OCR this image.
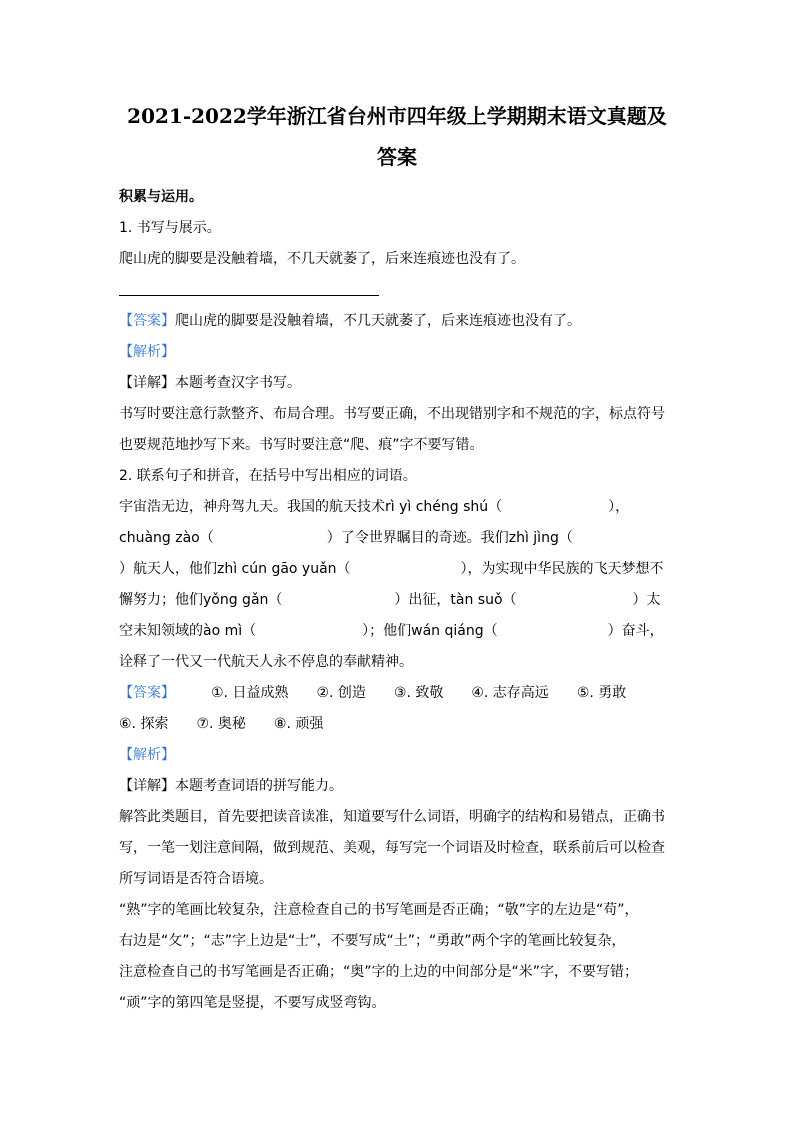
2021-2022学年浙江省台州市四年级上学期期末语文真题及
答案

积累与运用。

1. 书写与展示。

爬山虎的脚要是没触着墙，不几天就萎了，后来连痕迹也没有了。

【答案】爬山虎的脚要是没触着墙，不几天就萎了，后来连痕迹也没有了。

【解析】

【详解】本题考查汉字书写。

书写时要注意行款整齐、布局合理。书写要正确，不出现错别字和不规范的字，标点符号

也要规范地抄写下来。书写时要注意“爬、痕”字不要写错。

2. 联系句子和拼音，在括号中写出相应的词语。

宇宙浩无边，神舟驾九天。我国的航天技术rì yì chéng shú（	），

chuàng zào（	）了令世界瞩目的奇迹。我们zhì jìng（

）航天人，他们zhì cún gāo yuǎn（	），为实现中华民族的飞天梦想不

懈努力；他们yǒng gǎn（	）出征，tàn suǒ（	）太

空未知领域的ào mì（	）；他们wán qiáng（	）奋斗，

诠释了一代又一代航天人永不停息的奉献精神。

【答案】	①. 日益成熟 ②. 创造 ③. 致敬 ④. 志存高远 ⑤. 勇敢

⑥. 探索 ⑦. 奥秘 ⑧. 顽强

【解析】

【详解】本题考查词语的拼写能力。

解答此类题目，首先要把读音读准，知道要写什么词语，明确字的结构和易错点，正确书

写，一笔一划注意间隔，做到规范、美观，每写完一个词语及时检查，联系前后可以检查

所写词语是否符合语境。

“熟”字的笔画比较复杂，注意检查自己的书写笔画是否正确；“敬”字的左边是“苟”，

右边是“攵”；“志”字上边是“士”，不要写成“土”；“勇敢”两个字的笔画比较复杂，

注意检查自己的书写笔画是否正确；“奥”字的上边的中间部分是“米”字，不要写错；

“顽”字的第四笔是竖提，不要写成竖弯钩。
